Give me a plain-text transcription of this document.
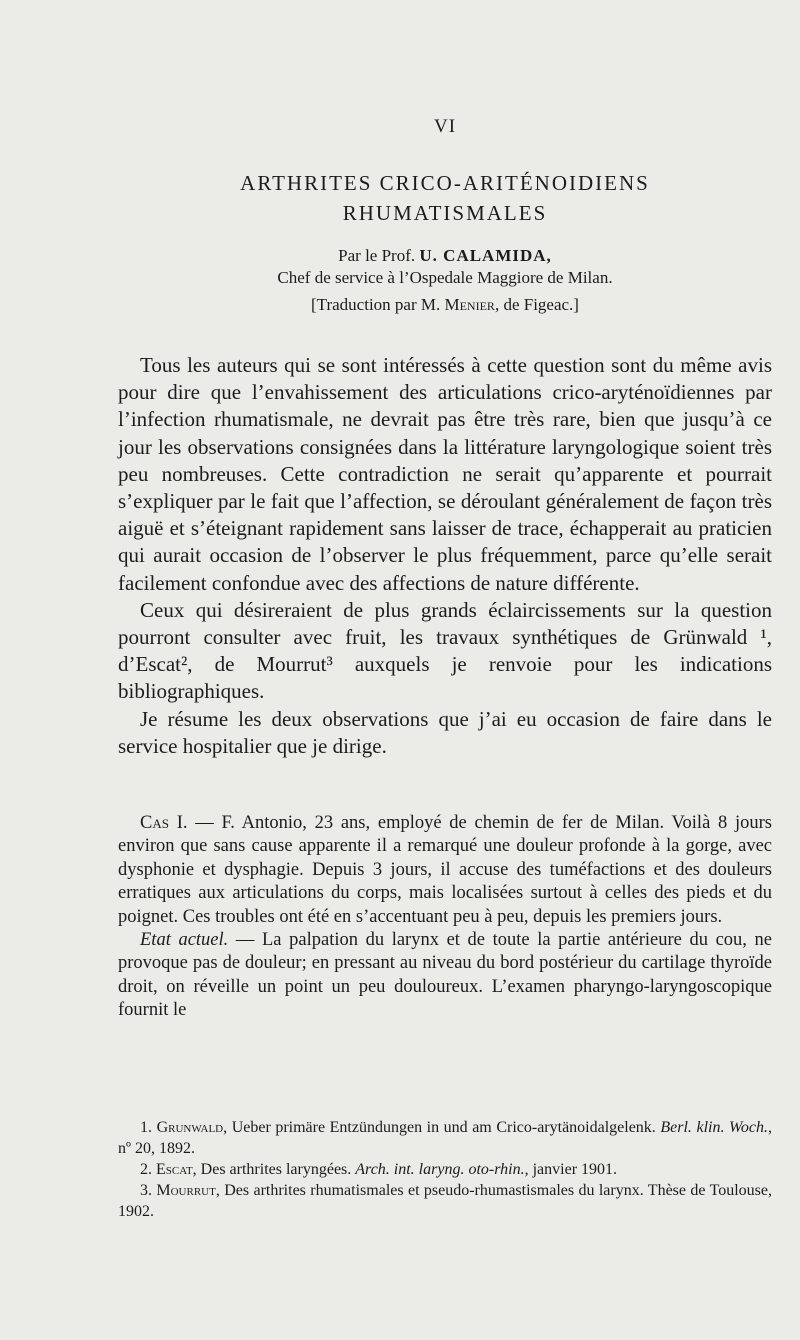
VI
ARTHRITES CRICO-ARITÉNOIDIENS
RHUMATISMALES
Par le Prof. U. CALAMIDA,
Chef de service à l’Ospedale Maggiore de Milan.
[Traduction par M. Menier, de Figeac.]

Tous les auteurs qui se sont intéressés à cette question sont du même avis pour dire que l’envahissement des articulations crico-aryténoïdiennes par l’infection rhumatismale, ne devrait pas être très rare, bien que jusqu’à ce jour les observations consignées dans la littérature laryngologique soient très peu nombreuses. Cette contradiction ne serait qu’apparente et pourrait s’expliquer par le fait que l’affection, se déroulant généralement de façon très aiguë et s’éteignant rapidement sans laisser de trace, échapperait au praticien qui aurait occasion de l’observer le plus fréquemment, parce qu’elle serait facilement confondue avec des affections de nature différente.

Ceux qui désireraient de plus grands éclaircissements sur la question pourront consulter avec fruit, les travaux synthétiques de Grünwald ¹, d’Escat², de Mourrut³ auxquels je renvoie pour les indications bibliographiques.

Je résume les deux observations que j’ai eu occasion de faire dans le service hospitalier que je dirige.

Cas I. — F. Antonio, 23 ans, employé de chemin de fer de Milan. Voilà 8 jours environ que sans cause apparente il a remarqué une douleur profonde à la gorge, avec dysphonie et dysphagie. Depuis 3 jours, il accuse des tuméfactions et des douleurs erratiques aux articulations du corps, mais localisées surtout à celles des pieds et du poignet. Ces troubles ont été en s’accentuant peu à peu, depuis les premiers jours.

Etat actuel. — La palpation du larynx et de toute la partie antérieure du cou, ne provoque pas de douleur; en pressant au niveau du bord postérieur du cartilage thyroïde droit, on réveille un point un peu douloureux. L’examen pharyngo-laryngoscopique fournit le

1. Grunwald, Ueber primäre Entzündungen in und am Crico-arytänoidalgelenk. Berl. klin. Woch., nº 20, 1892.

2. Escat, Des arthrites laryngées. Arch. int. laryng. oto-rhin., janvier 1901.

3. Mourrut, Des arthrites rhumatismales et pseudo-rhumastismales du larynx. Thèse de Toulouse, 1902.
